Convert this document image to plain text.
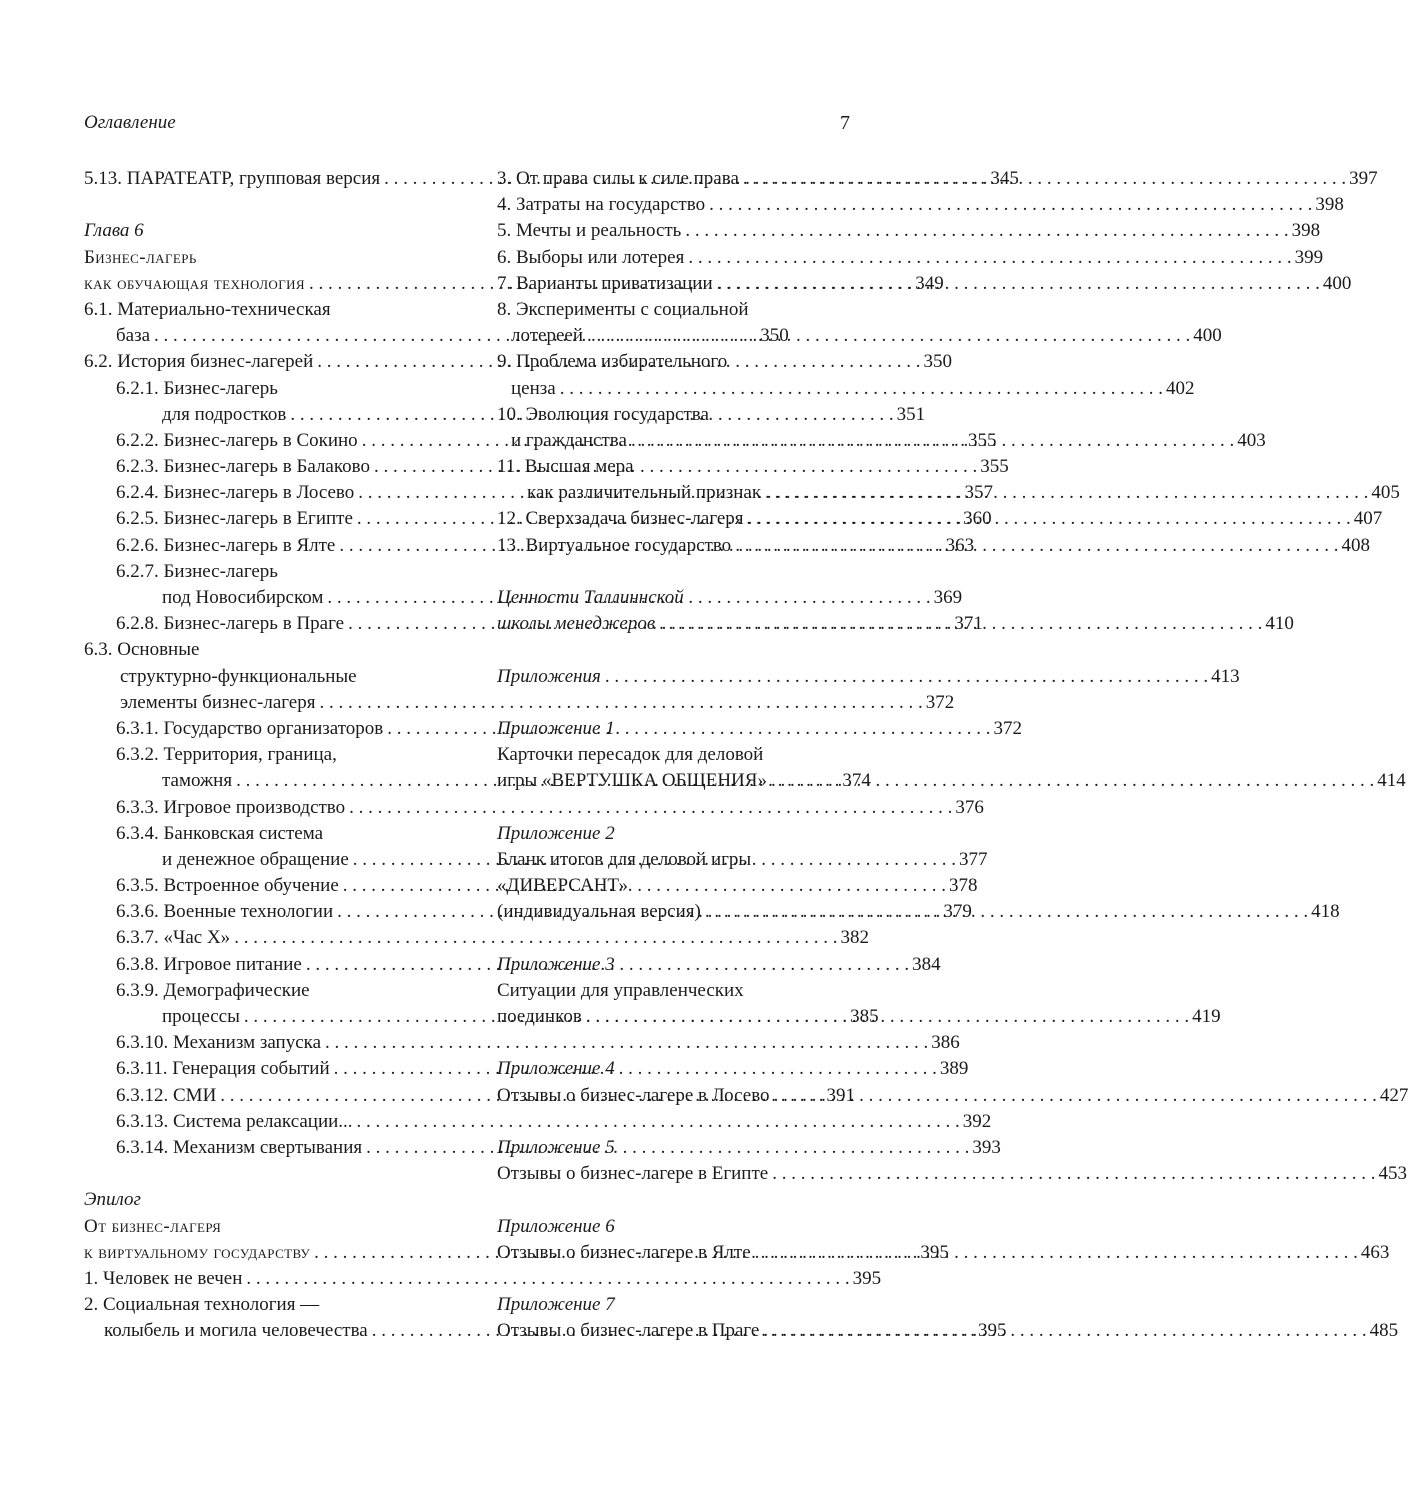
Оглавление	7
5.13. ПАРАТЕАТР, групповая версия . . .	345
Глава 6
Бизнес-лагерь
как обучающая технология . . .	349
6.1. Материально-техническая
база . . .	350
6.2. История бизнес-лагерей . . .	350
6.2.1. Бизнес-лагерь
для подростков . . .	351
6.2.2. Бизнес-лагерь в Сокино . . .	355
6.2.3. Бизнес-лагерь в Балаково . . .	355
6.2.4. Бизнес-лагерь в Лосево . . .	357
6.2.5. Бизнес-лагерь в Египте . . .	360
6.2.6. Бизнес-лагерь в Ялте . . .	363
6.2.7. Бизнес-лагерь
под Новосибирском . . .	369
6.2.8. Бизнес-лагерь в Праге . . .	371
6.3. Основные
структурно-функциональные
элементы бизнес-лагеря . . .	372
6.3.1. Государство организаторов . . .	372
6.3.2. Территория, граница,
таможня . . .	374
6.3.3. Игровое производство . . .	376
6.3.4. Банковская система
и денежное обращение . . .	377
6.3.5. Встроенное обучение . . .	378
6.3.6. Военные технологии . . .	379
6.3.7. «Час Х» . . .	382
6.3.8. Игровое питание . . .	384
6.3.9. Демографические
процессы . . .	385
6.3.10. Механизм запуска . . .	386
6.3.11. Генерация событий . . .	389
6.3.12. СМИ . . .	391
6.3.13. Система релаксации... . . .	392
6.3.14. Механизм свертывания . . .	393
Эпилог
От бизнес-лагеря
к виртуальному государству . . .	395
1. Человек не вечен . . .	395
2. Социальная технология —
колыбель и могила человечества . . .	395
3. От права силы к силе права . . .	397
4. Затраты на государство . . .	398
5. Мечты и реальность . . .	398
6. Выборы или лотерея . . .	399
7. Варианты приватизации . . .	400
8. Эксперименты с социальной
лотереей . . .	400
9. Проблема избирательного
ценза . . .	402
10. Эволюция государства
и гражданства . . .	403
11. Высшая мера
как различительный признак . . .	405
12. Сверхзадача бизнес-лагеря . . .	407
13. Виртуальное государство . . .	408
Ценности Таллиннской
школы менеджеров . . .	410
Приложения . . .	413
Приложение 1
Карточки пересадок для деловой
игры «ВЕРТУШКА ОБЩЕНИЯ» . . .	414
Приложение 2
Бланк итогов для деловой игры
«ДИВЕРСАНТ»
(индивидуальная версия) . . .	418
Приложение 3
Ситуации для управленческих
поединков . . .	419
Приложение 4
Отзывы о бизнес-лагере в Лосево . . .	427
Приложение 5
Отзывы о бизнес-лагере в Египте . . .	453
Приложение 6
Отзывы о бизнес-лагере в Ялте . . .	463
Приложение 7
Отзывы о бизнес-лагере в Праге . . .	485
